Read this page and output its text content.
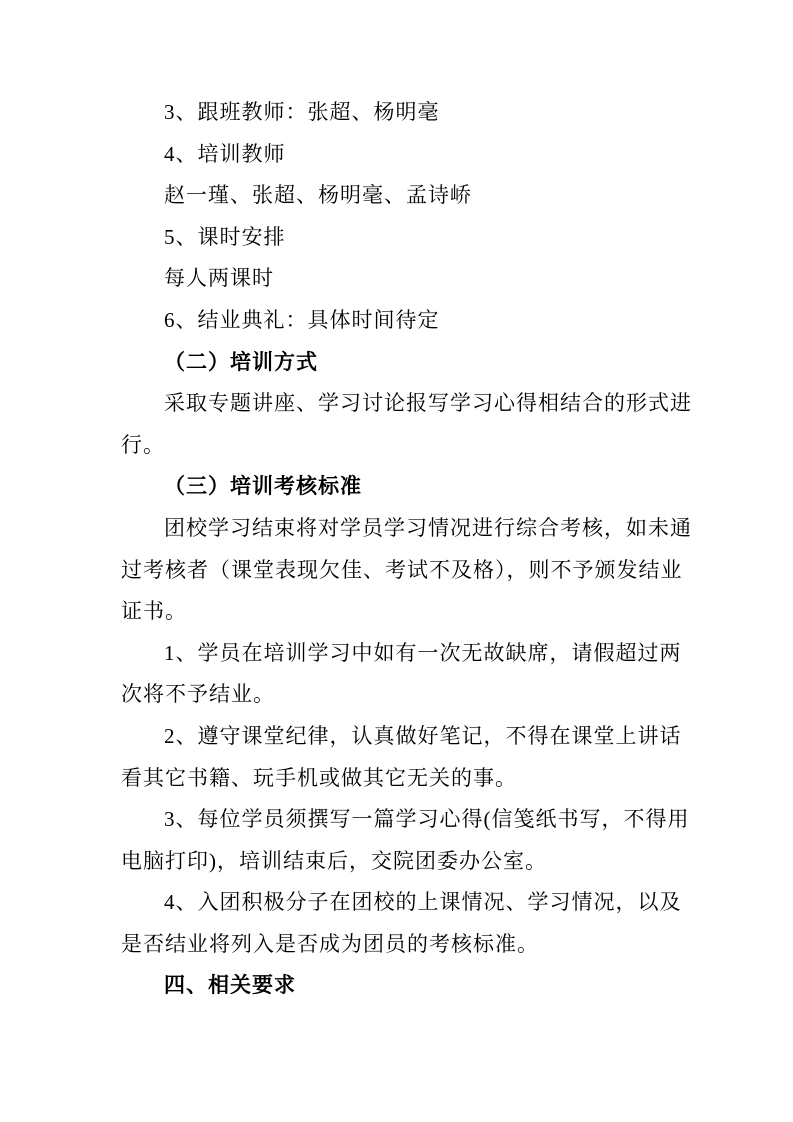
3、跟班教师：张超、杨明毫
4、培训教师
赵一瑾、张超、杨明毫、孟诗峤
5、课时安排
每人两课时
6、结业典礼：具体时间待定
（二）培训方式
采取专题讲座、学习讨论报写学习心得相结合的形式进
行。
（三）培训考核标准
团校学习结束将对学员学习情况进行综合考核，如未通
过考核者（课堂表现欠佳、考试不及格），则不予颁发结业
证书。
1、学员在培训学习中如有一次无故缺席，请假超过两
次将不予结业。
2、遵守课堂纪律，认真做好笔记，不得在课堂上讲话
看其它书籍、玩手机或做其它无关的事。
3、每位学员须撰写一篇学习心得(信笺纸书写，不得用
电脑打印)，培训结束后，交院团委办公室。
4、入团积极分子在团校的上课情况、学习情况，以及
是否结业将列入是否成为团员的考核标准。
四、相关要求
